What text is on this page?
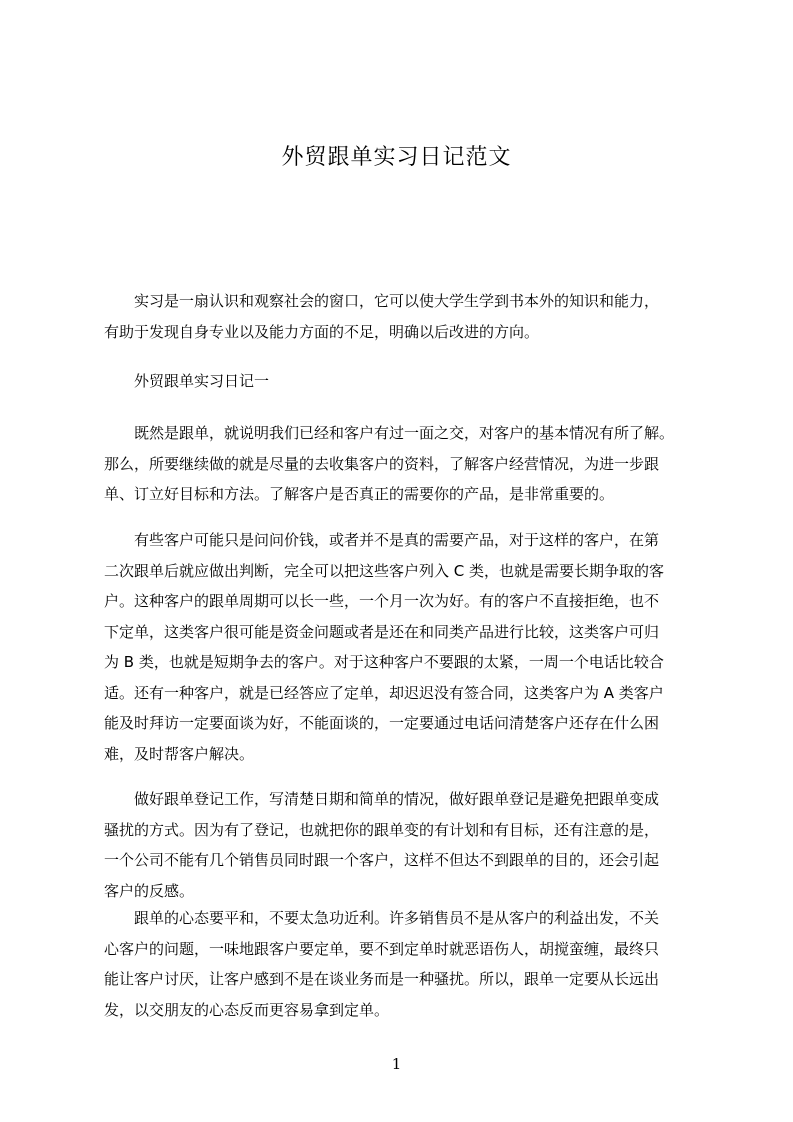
外贸跟单实习日记范文

实习是一扇认识和观察社会的窗口，它可以使大学生学到书本外的知识和能力，
有助于发现自身专业以及能力方面的不足，明确以后改进的方向。

外贸跟单实习日记一

既然是跟单，就说明我们已经和客户有过一面之交，对客户的基本情况有所了解。
那么，所要继续做的就是尽量的去收集客户的资料，了解客户经营情况，为进一步跟
单、订立好目标和方法。了解客户是否真正的需要你的产品，是非常重要的。

有些客户可能只是问问价钱，或者并不是真的需要产品，对于这样的客户，在第
二次跟单后就应做出判断，完全可以把这些客户列入 C 类，也就是需要长期争取的客
户。这种客户的跟单周期可以长一些，一个月一次为好。有的客户不直接拒绝，也不
下定单，这类客户很可能是资金问题或者是还在和同类产品进行比较，这类客户可归
为 B 类，也就是短期争去的客户。对于这种客户不要跟的太紧，一周一个电话比较合
适。还有一种客户，就是已经答应了定单，却迟迟没有签合同，这类客户为 A 类客户
能及时拜访一定要面谈为好，不能面谈的，一定要通过电话问清楚客户还存在什么困
难，及时帮客户解决。

做好跟单登记工作，写清楚日期和简单的情况，做好跟单登记是避免把跟单变成
骚扰的方式。因为有了登记，也就把你的跟单变的有计划和有目标，还有注意的是，
一个公司不能有几个销售员同时跟一个客户，这样不但达不到跟单的目的，还会引起
客户的反感。

跟单的心态要平和，不要太急功近利。许多销售员不是从客户的利益出发，不关
心客户的问题，一味地跟客户要定单，要不到定单时就恶语伤人，胡搅蛮缠，最终只
能让客户讨厌，让客户感到不是在谈业务而是一种骚扰。所以，跟单一定要从长远出
发，以交朋友的心态反而更容易拿到定单。

1
